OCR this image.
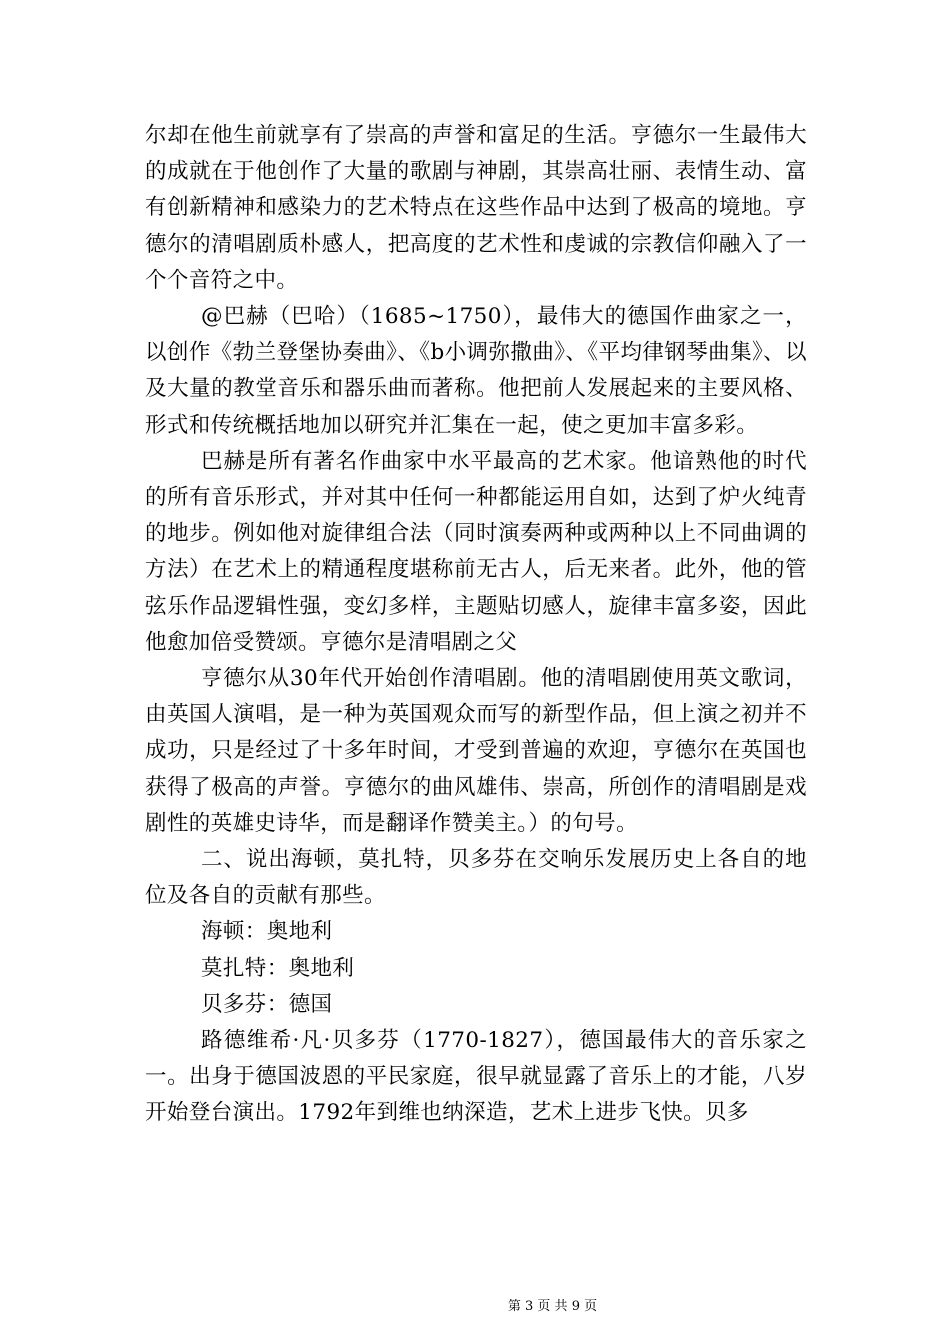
尔却在他生前就享有了崇高的声誉和富足的生活。亨德尔一生最伟大的成就在于他创作了大量的歌剧与神剧，其崇高壮丽、表情生动、富有创新精神和感染力的艺术特点在这些作品中达到了极高的境地。亨德尔的清唱剧质朴感人，把高度的艺术性和虔诚的宗教信仰融入了一个个音符之中。

@巴赫（巴哈）（1685~1750），最伟大的德国作曲家之一，以创作《勃兰登堡协奏曲》、《b小调弥撒曲》、《平均律钢琴曲集》、以及大量的教堂音乐和器乐曲而著称。他把前人发展起来的主要风格、形式和传统概括地加以研究并汇集在一起，使之更加丰富多彩。

巴赫是所有著名作曲家中水平最高的艺术家。他谙熟他的时代的所有音乐形式，并对其中任何一种都能运用自如，达到了炉火纯青的地步。例如他对旋律组合法（同时演奏两种或两种以上不同曲调的方法）在艺术上的精通程度堪称前无古人，后无来者。此外，他的管弦乐作品逻辑性强，变幻多样，主题贴切感人，旋律丰富多姿，因此他愈加倍受赞颂。亨德尔是清唱剧之父

亨德尔从30年代开始创作清唱剧。他的清唱剧使用英文歌词，由英国人演唱，是一种为英国观众而写的新型作品，但上演之初并不成功，只是经过了十多年时间，才受到普遍的欢迎，亨德尔在英国也获得了极高的声誉。亨德尔的曲风雄伟、崇高，所创作的清唱剧是戏剧性的英雄史诗华，而是翻译作赞美主。）的句号。

二、说出海顿，莫扎特，贝多芬在交响乐发展历史上各自的地位及各自的贡献有那些。

海顿：奥地利

莫扎特：奥地利

贝多芬：德国

路德维希·凡·贝多芬（1770-1827），德国最伟大的音乐家之一。出身于德国波恩的平民家庭，很早就显露了音乐上的才能，八岁开始登台演出。1792年到维也纳深造，艺术上进步飞快。贝多

第 3 页 共 9 页
